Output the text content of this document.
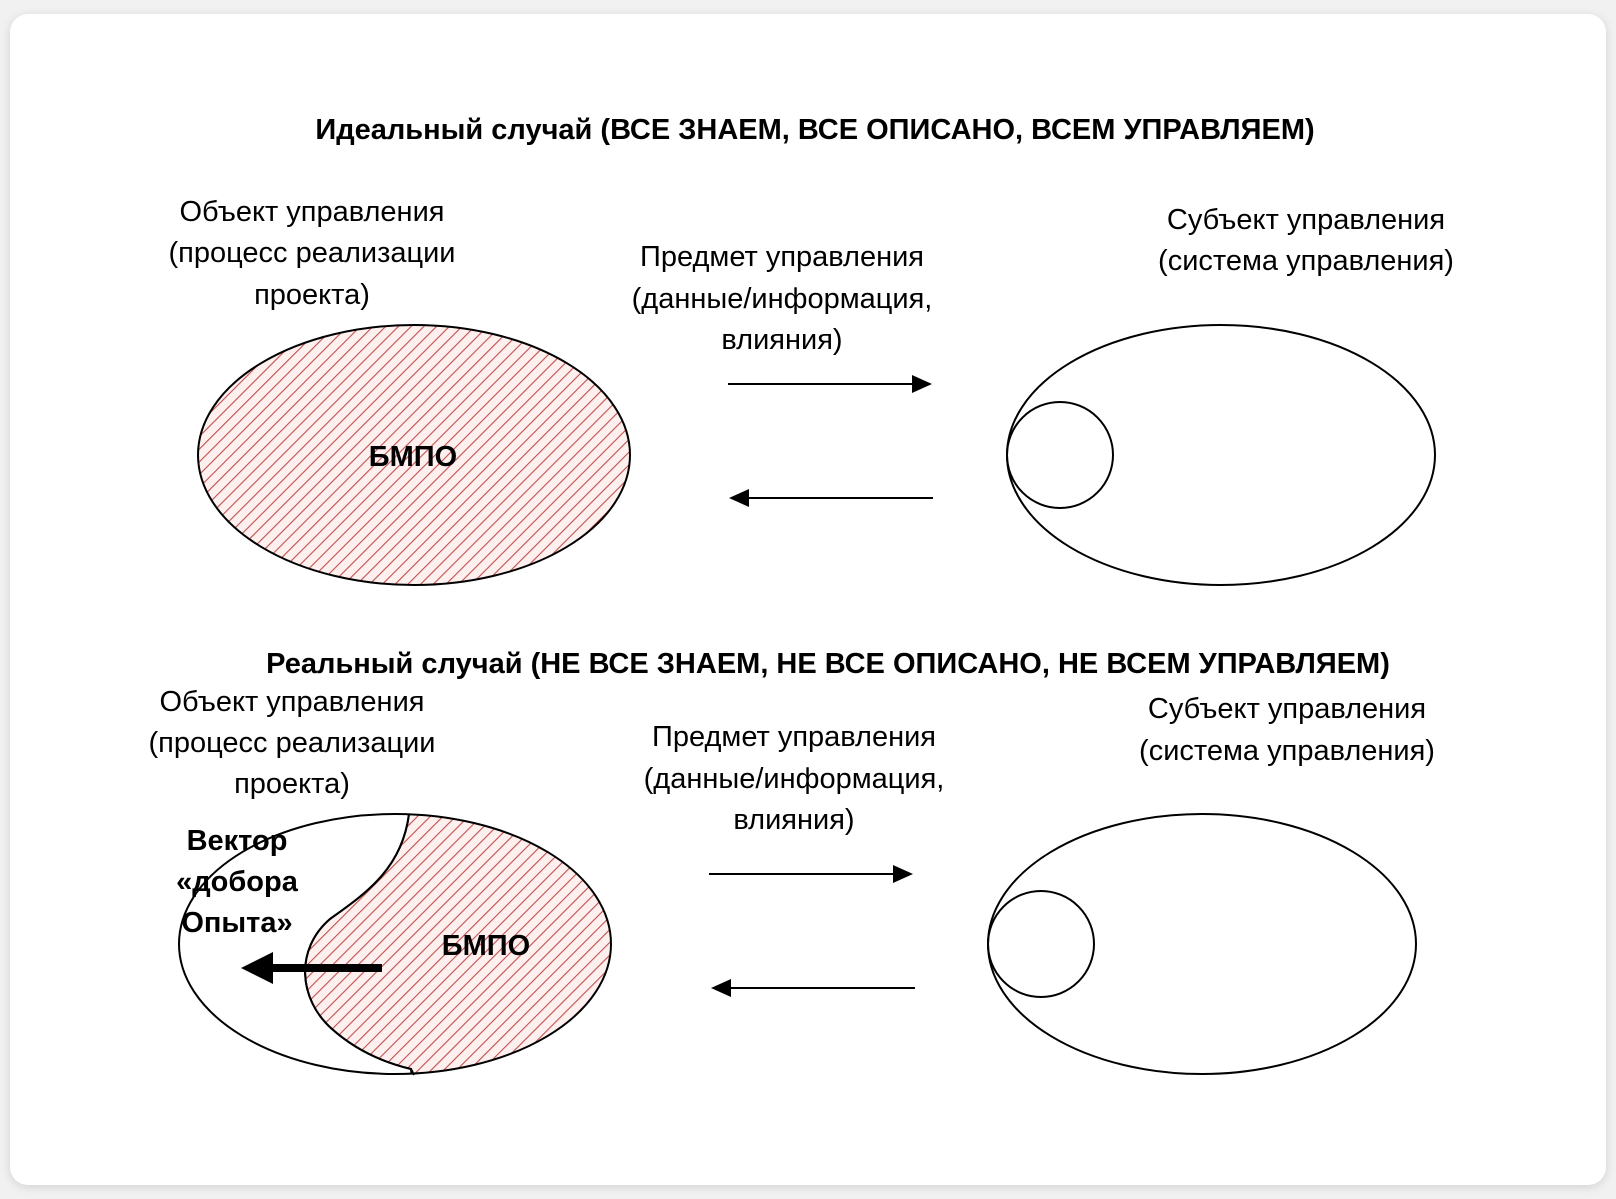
Идеальный случай (ВСЕ ЗНАЕМ, ВСЕ ОПИСАНО, ВСЕМ УПРАВЛЯЕМ)
Объект управления
(процесс реализации
проекта)
Предмет управления
(данные/информация,
влияния)
Субъект управления
(система управления)
БМПО
Реальный случай (НЕ ВСЕ ЗНАЕМ, НЕ ВСЕ ОПИСАНО, НЕ ВСЕМ УПРАВЛЯЕМ)
Объект управления
(процесс реализации
проекта)
Предмет управления
(данные/информация,
влияния)
Субъект управления
(система управления)
БМПО
Вектор
«добора
Опыта»
